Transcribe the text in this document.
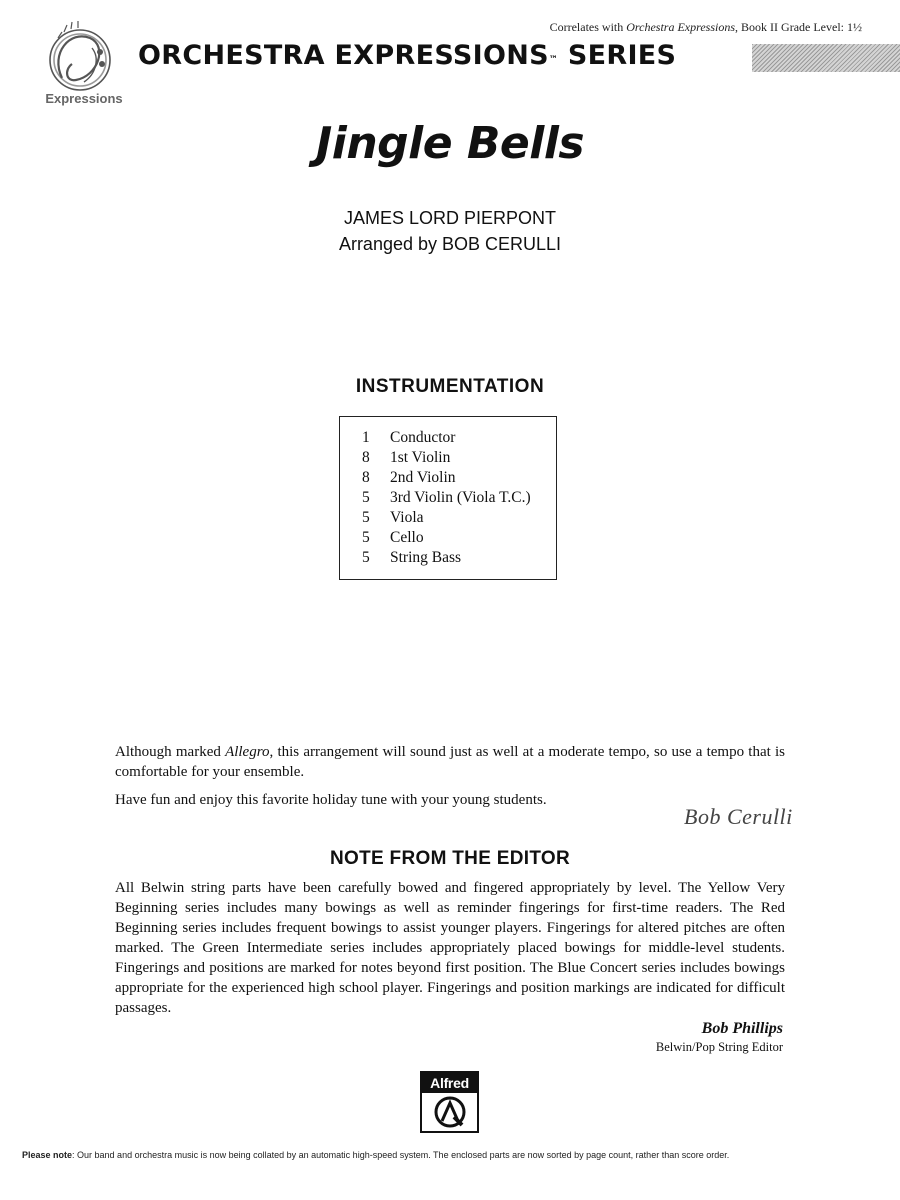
Correlates with Orchestra Expressions, Book II Grade Level: 1½
Expressions
ORCHESTRA EXPRESSIONS™ SERIES
Jingle Bells
JAMES LORD PIERPONT
Arranged by BOB CERULLI
INSTRUMENTATION
1	Conductor
8	1st Violin
8	2nd Violin
5	3rd Violin (Viola T.C.)
5	Viola
5	Cello
5	String Bass
Although marked Allegro, this arrangement will sound just as well at a moderate tempo, so use a tempo that is comfortable for your ensemble.
Have fun and enjoy this favorite holiday tune with your young students.
Bob Cerulli
NOTE FROM THE EDITOR
All Belwin string parts have been carefully bowed and fingered appropriately by level. The Yellow Very Beginning series includes many bowings as well as reminder fingerings for first-time readers. The Red Beginning series includes frequent bowings to assist younger players. Fingerings for altered pitches are often marked. The Green Intermediate series includes appropriately placed bowings for middle-level students. Fingerings and positions are marked for notes beyond first position. The Blue Concert series includes bowings appropriate for the experienced high school player. Fingerings and position markings are indicated for difficult passages.
Bob Phillips
Belwin/Pop String Editor
Alfred
Please note: Our band and orchestra music is now being collated by an automatic high-speed system. The enclosed parts are now sorted by page count, rather than score order.
